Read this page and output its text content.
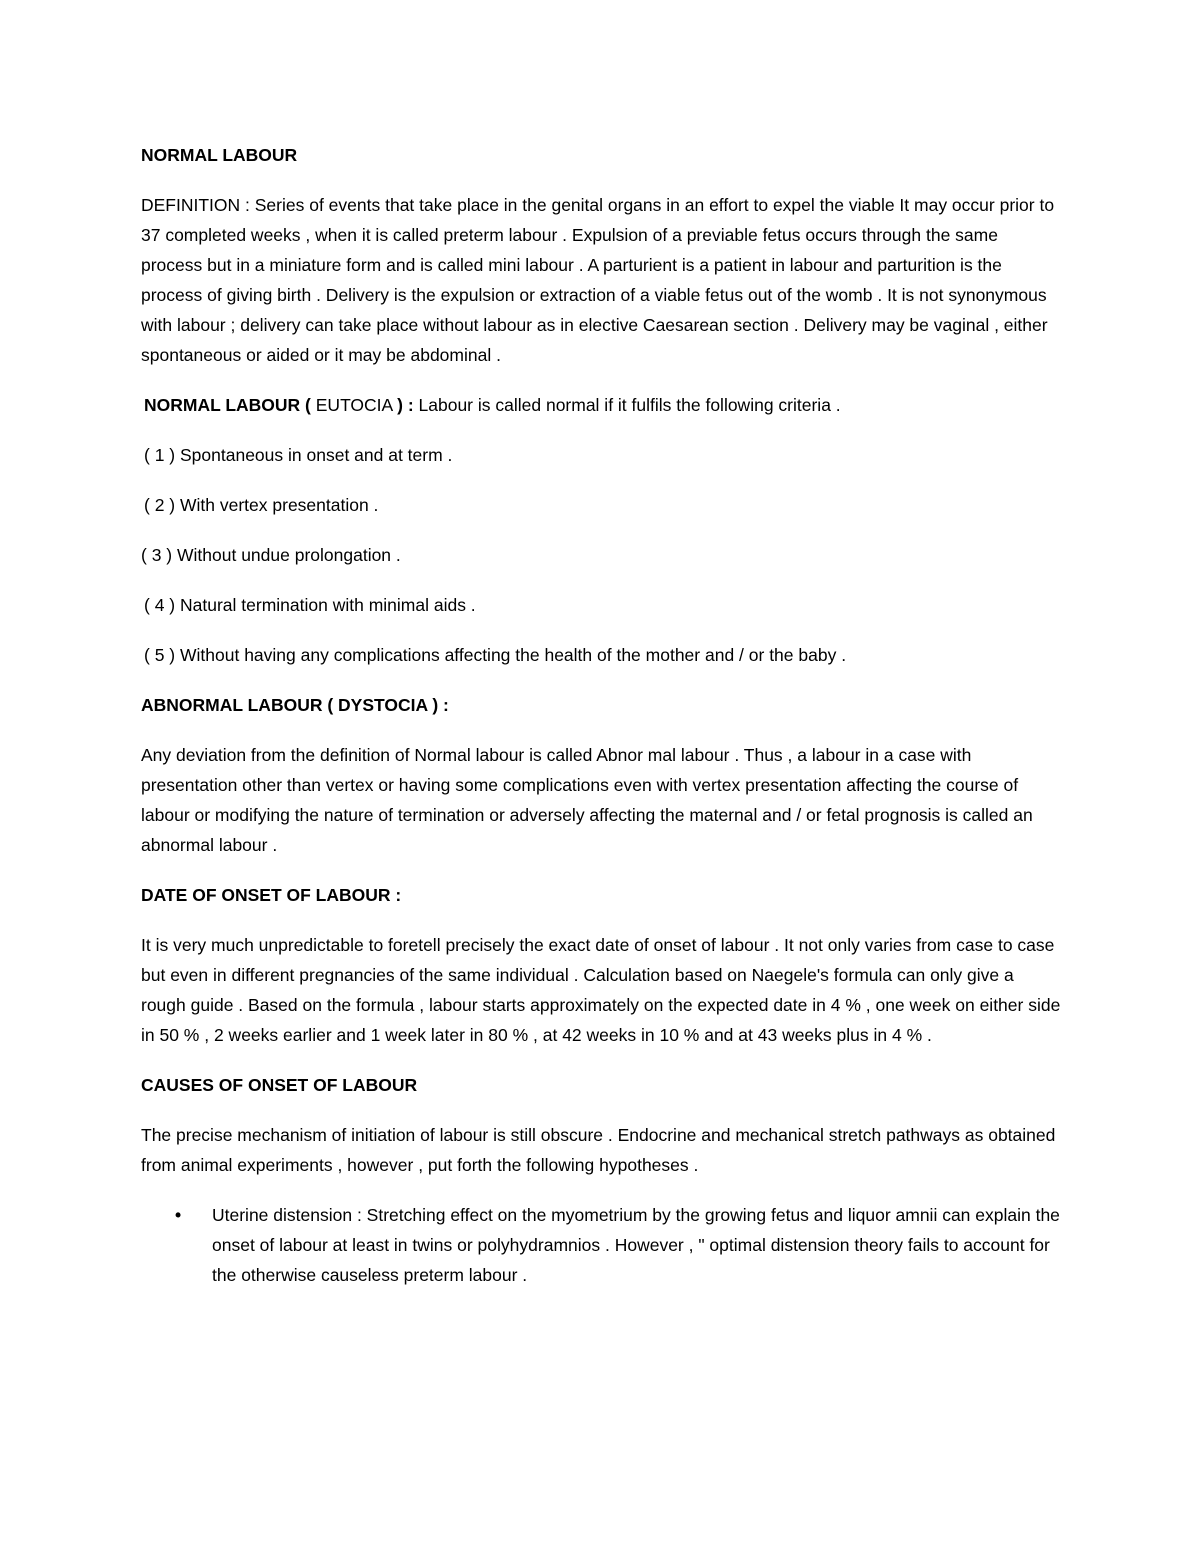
NORMAL LABOUR

DEFINITION : Series of events that take place in the genital organs in an effort to expel the viable It may occur prior to 37 completed weeks , when it is called preterm labour . Expulsion of a previable fetus occurs through the same process but in a miniature form and is called mini labour . A parturient is a patient in labour and parturition is the process of giving birth . Delivery is the expulsion or extraction of a viable fetus out of the womb . It is not synonymous with labour ; delivery can take place without labour as in elective Caesarean section . Delivery may be vaginal , either spontaneous or aided or it may be abdominal .

NORMAL LABOUR ( EUTOCIA ) : Labour is called normal if it fulfils the following criteria .

( 1 ) Spontaneous in onset and at term .
( 2 ) With vertex presentation .
( 3 ) Without undue prolongation .
( 4 ) Natural termination with minimal aids .
( 5 ) Without having any complications affecting the health of the mother and / or the baby .
ABNORMAL LABOUR ( DYSTOCIA ) :

Any deviation from the definition of Normal labour is called Abnor mal labour . Thus , a labour in a case with presentation other than vertex or having some complications even with vertex presentation affecting the course of labour or modifying the nature of termination or adversely affecting the maternal and / or fetal prognosis is called an abnormal labour .

DATE OF ONSET OF LABOUR :

It is very much unpredictable to foretell precisely the exact date of onset of labour . It not only varies from case to case but even in different pregnancies of the same individual . Calculation based on Naegele's formula can only give a rough guide . Based on the formula , labour starts approximately on the expected date in 4 % , one week on either side in 50 % , 2 weeks earlier and 1 week later in 80 % , at 42 weeks in 10 % and at 43 weeks plus in 4 % .

CAUSES OF ONSET OF LABOUR

The precise mechanism of initiation of labour is still obscure . Endocrine and mechanical stretch pathways as obtained from animal experiments , however , put forth the following hypotheses .

• Uterine distension : Stretching effect on the myometrium by the growing fetus and liquor amnii can explain the onset of labour at least in twins or polyhydramnios . However , " optimal distension theory fails to account for the otherwise causeless preterm labour .
